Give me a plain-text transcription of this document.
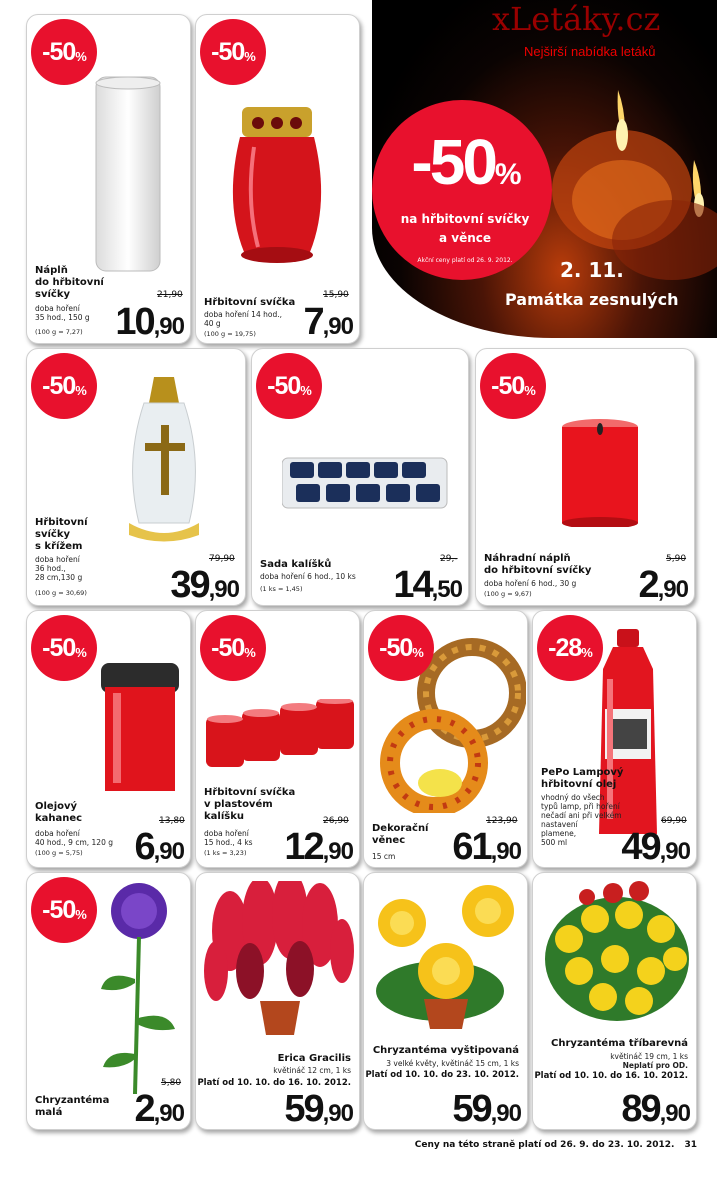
xLetáky.cz
Nejširší nabídka letáků
-50%
na hřbitovní svíčky
a věnce
Akční ceny platí od 26. 9. 2012.	2. 11.
Památka zesnulých
-50 %
Náplň
do hřbitovní
svíčky
doba hoření
35 hod., 150 g
(100 g = 7,27)
21,90
10,90
-50 %
Hřbitovní svíčka
doba hoření 14 hod.,
40 g
(100 g = 19,75)
15,90
7,90
-50 %
Hřbitovní
svíčky
s křížem
doba hoření
36 hod.,
28 cm,130 g
(100 g = 30,69)
79,90
39,90
-50 %
Sada kalíšků
doba hoření 6 hod., 10 ks
(1 ks = 1,45)
29,-
14,50
-50 %
Náhradní náplň
do hřbitovní svíčky
doba hoření 6 hod., 30 g
(100 g = 9,67)
5,90
2,90
-50 %
Olejový
kahanec
doba hoření
40 hod., 9 cm, 120 g
(100 g = 5,75)
13,80
6,90
-50 %
Hřbitovní svíčka
v plastovém
kalíšku
doba hoření
15 hod., 4 ks
(1 ks = 3,23)
26,90
12,90
-50 %
Dekorační
věnec
15 cm
123,90
61,90
-28 %
PePo Lampový
hřbitovní olej
vhodný do všech
typů lamp, při hoření
nečadí ani při velkém
nastavení
plamene,
500 ml
69,90
49,90
-50 %
Chryzantéma
malá
5,80
2,90
Erica Gracilis
květináč 12 cm, 1 ks
Platí od 10. 10. do 16. 10. 2012.
59,90
Chryzantéma vyštipovaná
3 velké květy, květináč 15 cm, 1 ks
Platí od 10. 10. do 23. 10. 2012.
59,90
Chryzantéma tříbarevná
květináč 19 cm, 1 ks
Neplatí pro OD.
Platí od 10. 10. do 16. 10. 2012.
89,90
Ceny na této straně platí od 26. 9. do 23. 10. 2012. 31
